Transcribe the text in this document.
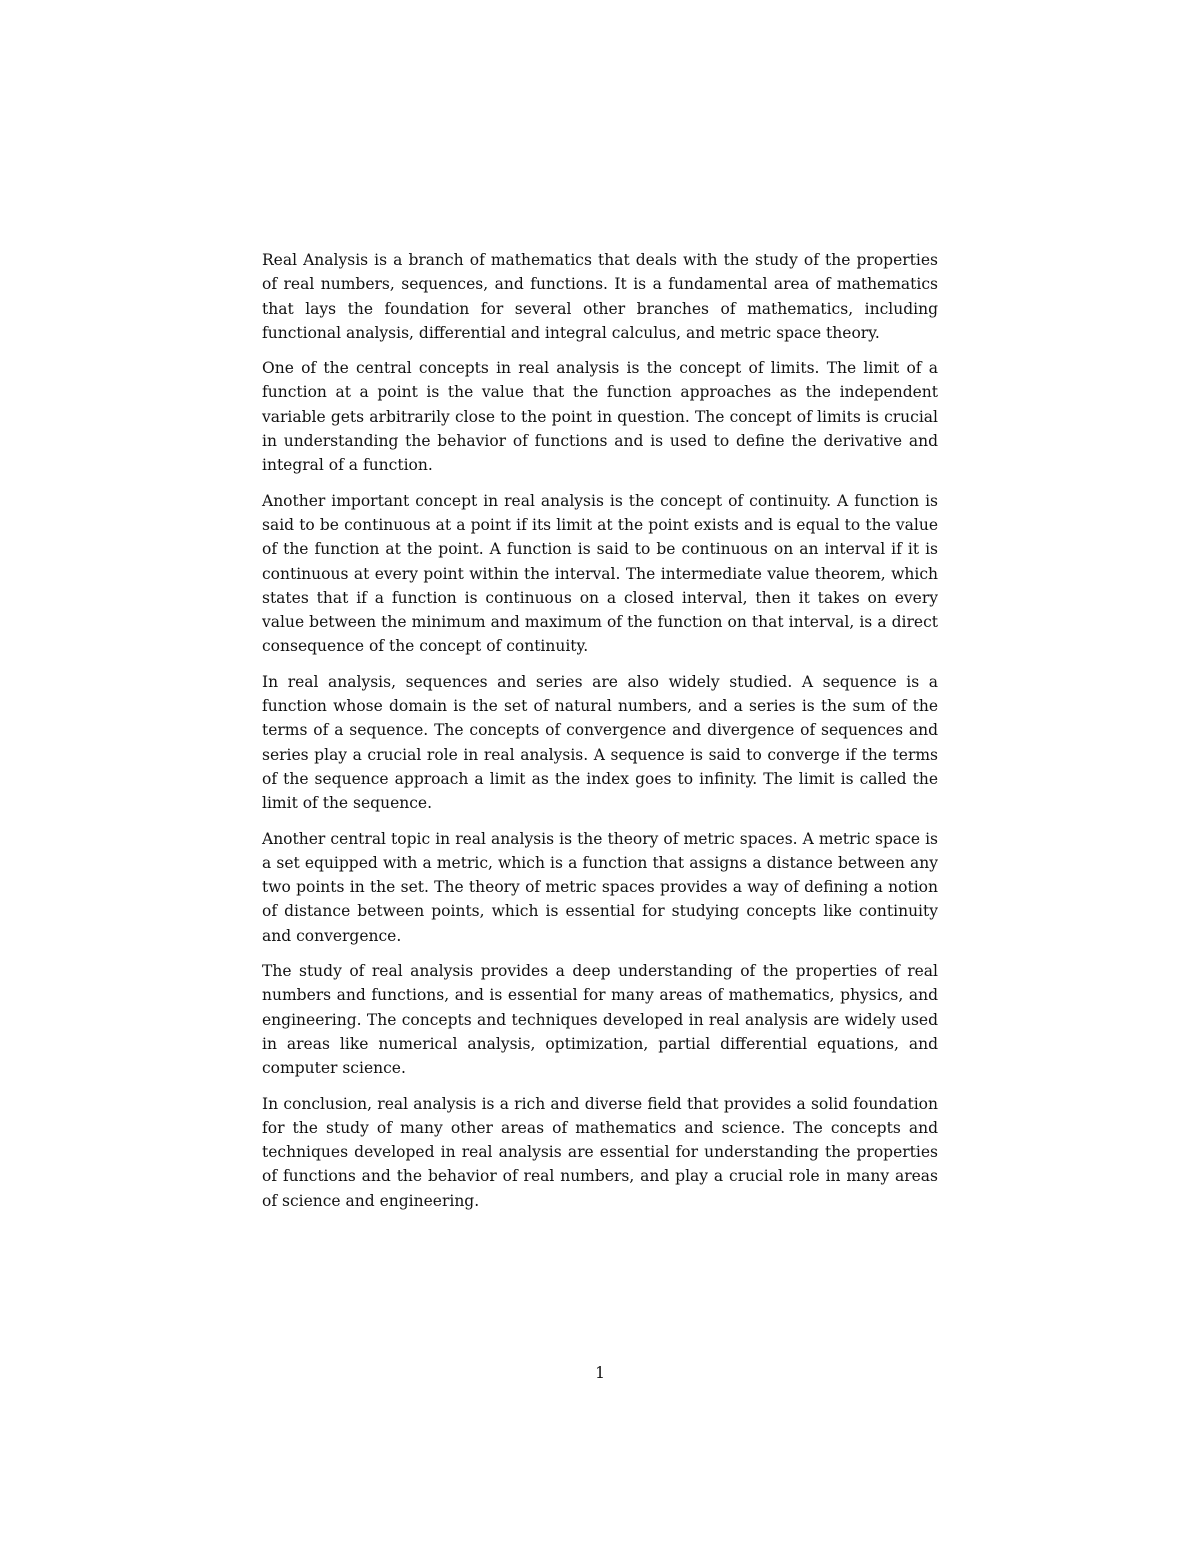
Real Analysis is a branch of mathematics that deals with the study of the properties of real numbers, sequences, and functions. It is a fundamental area of mathematics that lays the foundation for several other branches of mathematics, including functional analysis, differential and integral calculus, and metric space theory.

One of the central concepts in real analysis is the concept of limits. The limit of a function at a point is the value that the function approaches as the independent variable gets arbitrarily close to the point in question. The concept of limits is crucial in understanding the behavior of functions and is used to define the derivative and integral of a function.

Another important concept in real analysis is the concept of continuity. A function is said to be continuous at a point if its limit at the point exists and is equal to the value of the function at the point. A function is said to be continuous on an interval if it is continuous at every point within the interval. The intermediate value theorem, which states that if a function is continuous on a closed interval, then it takes on every value between the minimum and maximum of the function on that interval, is a direct consequence of the concept of continuity.

In real analysis, sequences and series are also widely studied. A sequence is a function whose domain is the set of natural numbers, and a series is the sum of the terms of a sequence. The concepts of convergence and divergence of sequences and series play a crucial role in real analysis. A sequence is said to converge if the terms of the sequence approach a limit as the index goes to infinity. The limit is called the limit of the sequence.

Another central topic in real analysis is the theory of metric spaces. A metric space is a set equipped with a metric, which is a function that assigns a distance between any two points in the set. The theory of metric spaces provides a way of defining a notion of distance between points, which is essential for studying concepts like continuity and convergence.

The study of real analysis provides a deep understanding of the properties of real numbers and functions, and is essential for many areas of mathematics, physics, and engineering. The concepts and techniques developed in real analysis are widely used in areas like numerical analysis, optimization, partial differential equations, and computer science.

In conclusion, real analysis is a rich and diverse field that provides a solid foundation for the study of many other areas of mathematics and science. The concepts and techniques developed in real analysis are essential for understanding the properties of functions and the behavior of real numbers, and play a crucial role in many areas of science and engineering.

1
